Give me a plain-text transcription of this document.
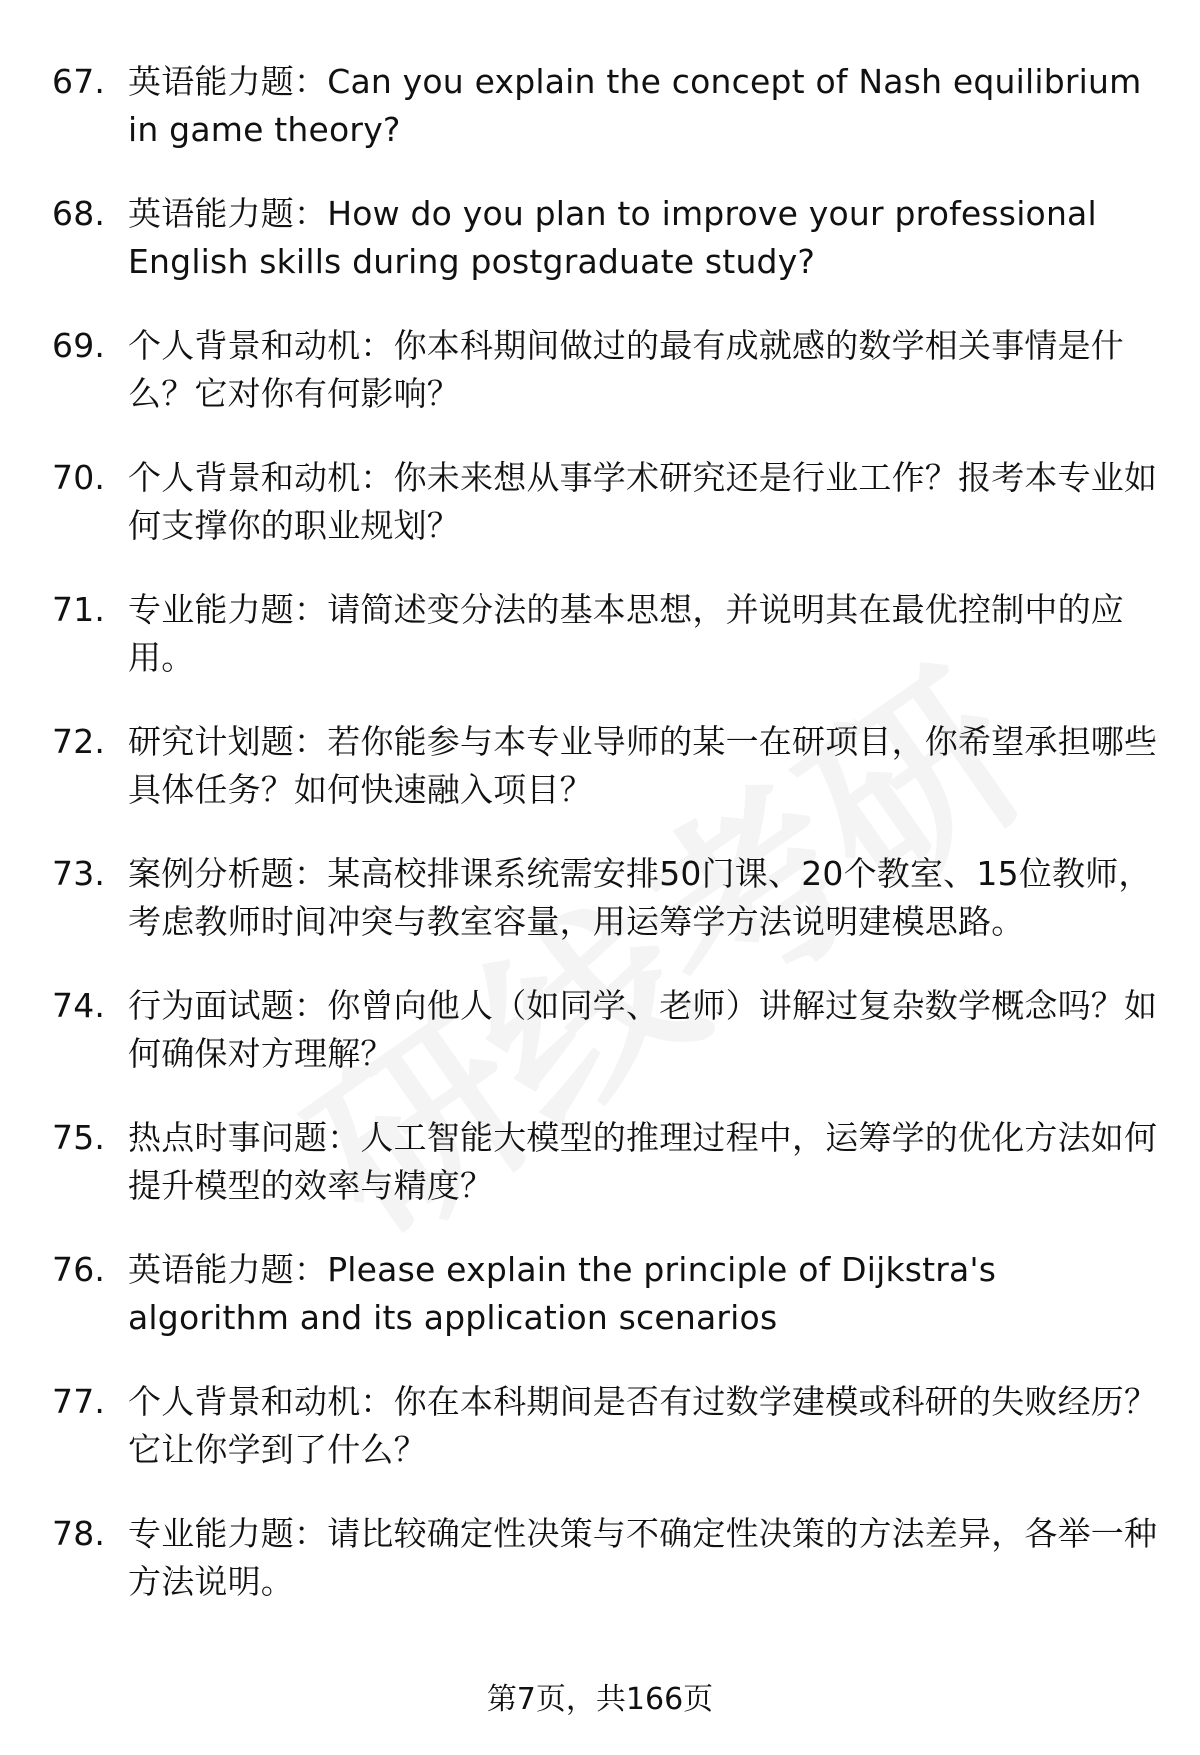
67. 英语能力题：Can you explain the concept of Nash equilibrium in game theory?
68. 英语能力题：How do you plan to improve your professional English skills during postgraduate study?
69. 个人背景和动机：你本科期间做过的最有成就感的数学相关事情是什么？它对你有何影响？
70. 个人背景和动机：你未来想从事学术研究还是行业工作？报考本专业如何支撑你的职业规划？
71. 专业能力题：请简述变分法的基本思想，并说明其在最优控制中的应用。
72. 研究计划题：若你能参与本专业导师的某一在研项目，你希望承担哪些具体任务？如何快速融入项目？
73. 案例分析题：某高校排课系统需安排50门课、20个教室、15位教师，考虑教师时间冲突与教室容量，用运筹学方法说明建模思路。
74. 行为面试题：你曾向他人（如同学、老师）讲解过复杂数学概念吗？如何确保对方理解？
75. 热点时事问题：人工智能大模型的推理过程中，运筹学的优化方法如何提升模型的效率与精度？
76. 英语能力题：Please explain the principle of Dijkstra's algorithm and its application scenarios
77. 个人背景和动机：你在本科期间是否有过数学建模或科研的失败经历？它让你学到了什么？
78. 专业能力题：请比较确定性决策与不确定性决策的方法差异，各举一种方法说明。
第7页，共166页
